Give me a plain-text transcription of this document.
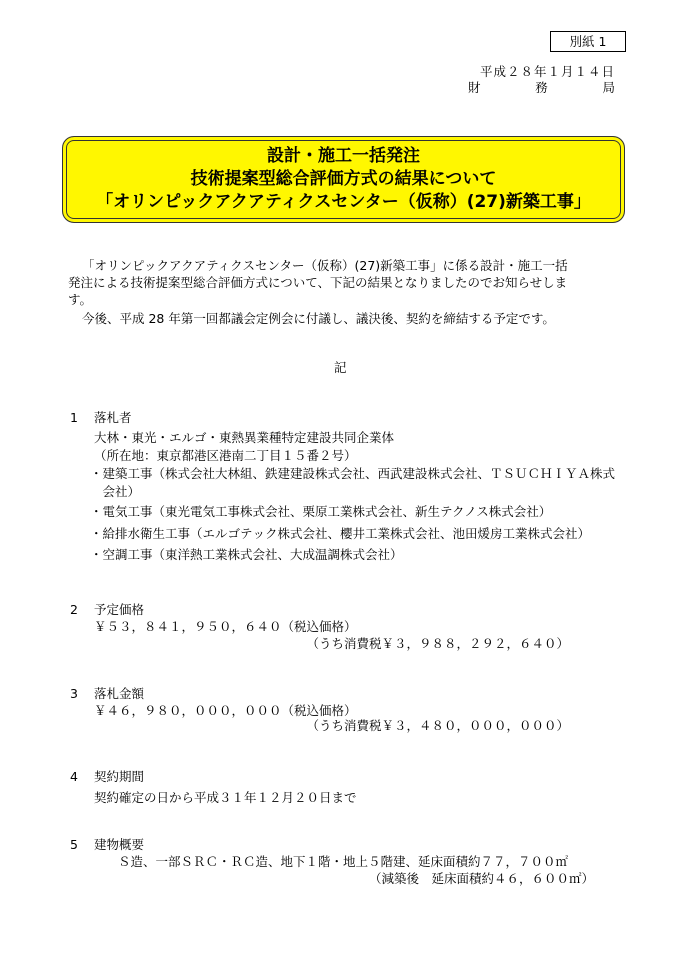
別紙 1
平成２８年１月１４日
財	務	局
設計・施工一括発注
技術提案型総合評価方式の結果について
「オリンピックアクアティクスセンター（仮称）(27)新築工事」
「オリンピックアクアティクスセンター（仮称）(27)新築工事」に係る設計・施工一括
発注による技術提案型総合評価方式について、下記の結果となりましたのでお知らせしま
す。
今後、平成 28 年第一回都議会定例会に付議し、議決後、契約を締結する予定です。
記
1 落札者
大林・東光・エルゴ・東熱異業種特定建設共同企業体
（所在地：東京都港区港南二丁目１５番２号）
・建築工事（株式会社大林組、鉄建建設株式会社、西武建設株式会社、ＴＳＵＣＨＩＹＡ株式
　会社）
・電気工事（東光電気工事株式会社、栗原工業株式会社、新生テクノス株式会社）
・給排水衛生工事（エルゴテック株式会社、櫻井工業株式会社、池田煖房工業株式会社）
・空調工事（東洋熱工業株式会社、大成温調株式会社）
2 予定価格
￥５３，８４１，９５０，６４０（税込価格）
（うち消費税￥３，９８８，２９２，６４０）
3 落札金額
￥４６，９８０，０００，０００（税込価格）
（うち消費税￥３，４８０，０００，０００）
4 契約期間
契約確定の日から平成３１年１２月２０日まで
5 建物概要
Ｓ造、一部ＳＲＣ・ＲＣ造、地下１階・地上５階建、延床面積約７７，７００㎡
（減築後　延床面積約４６，６００㎡）
